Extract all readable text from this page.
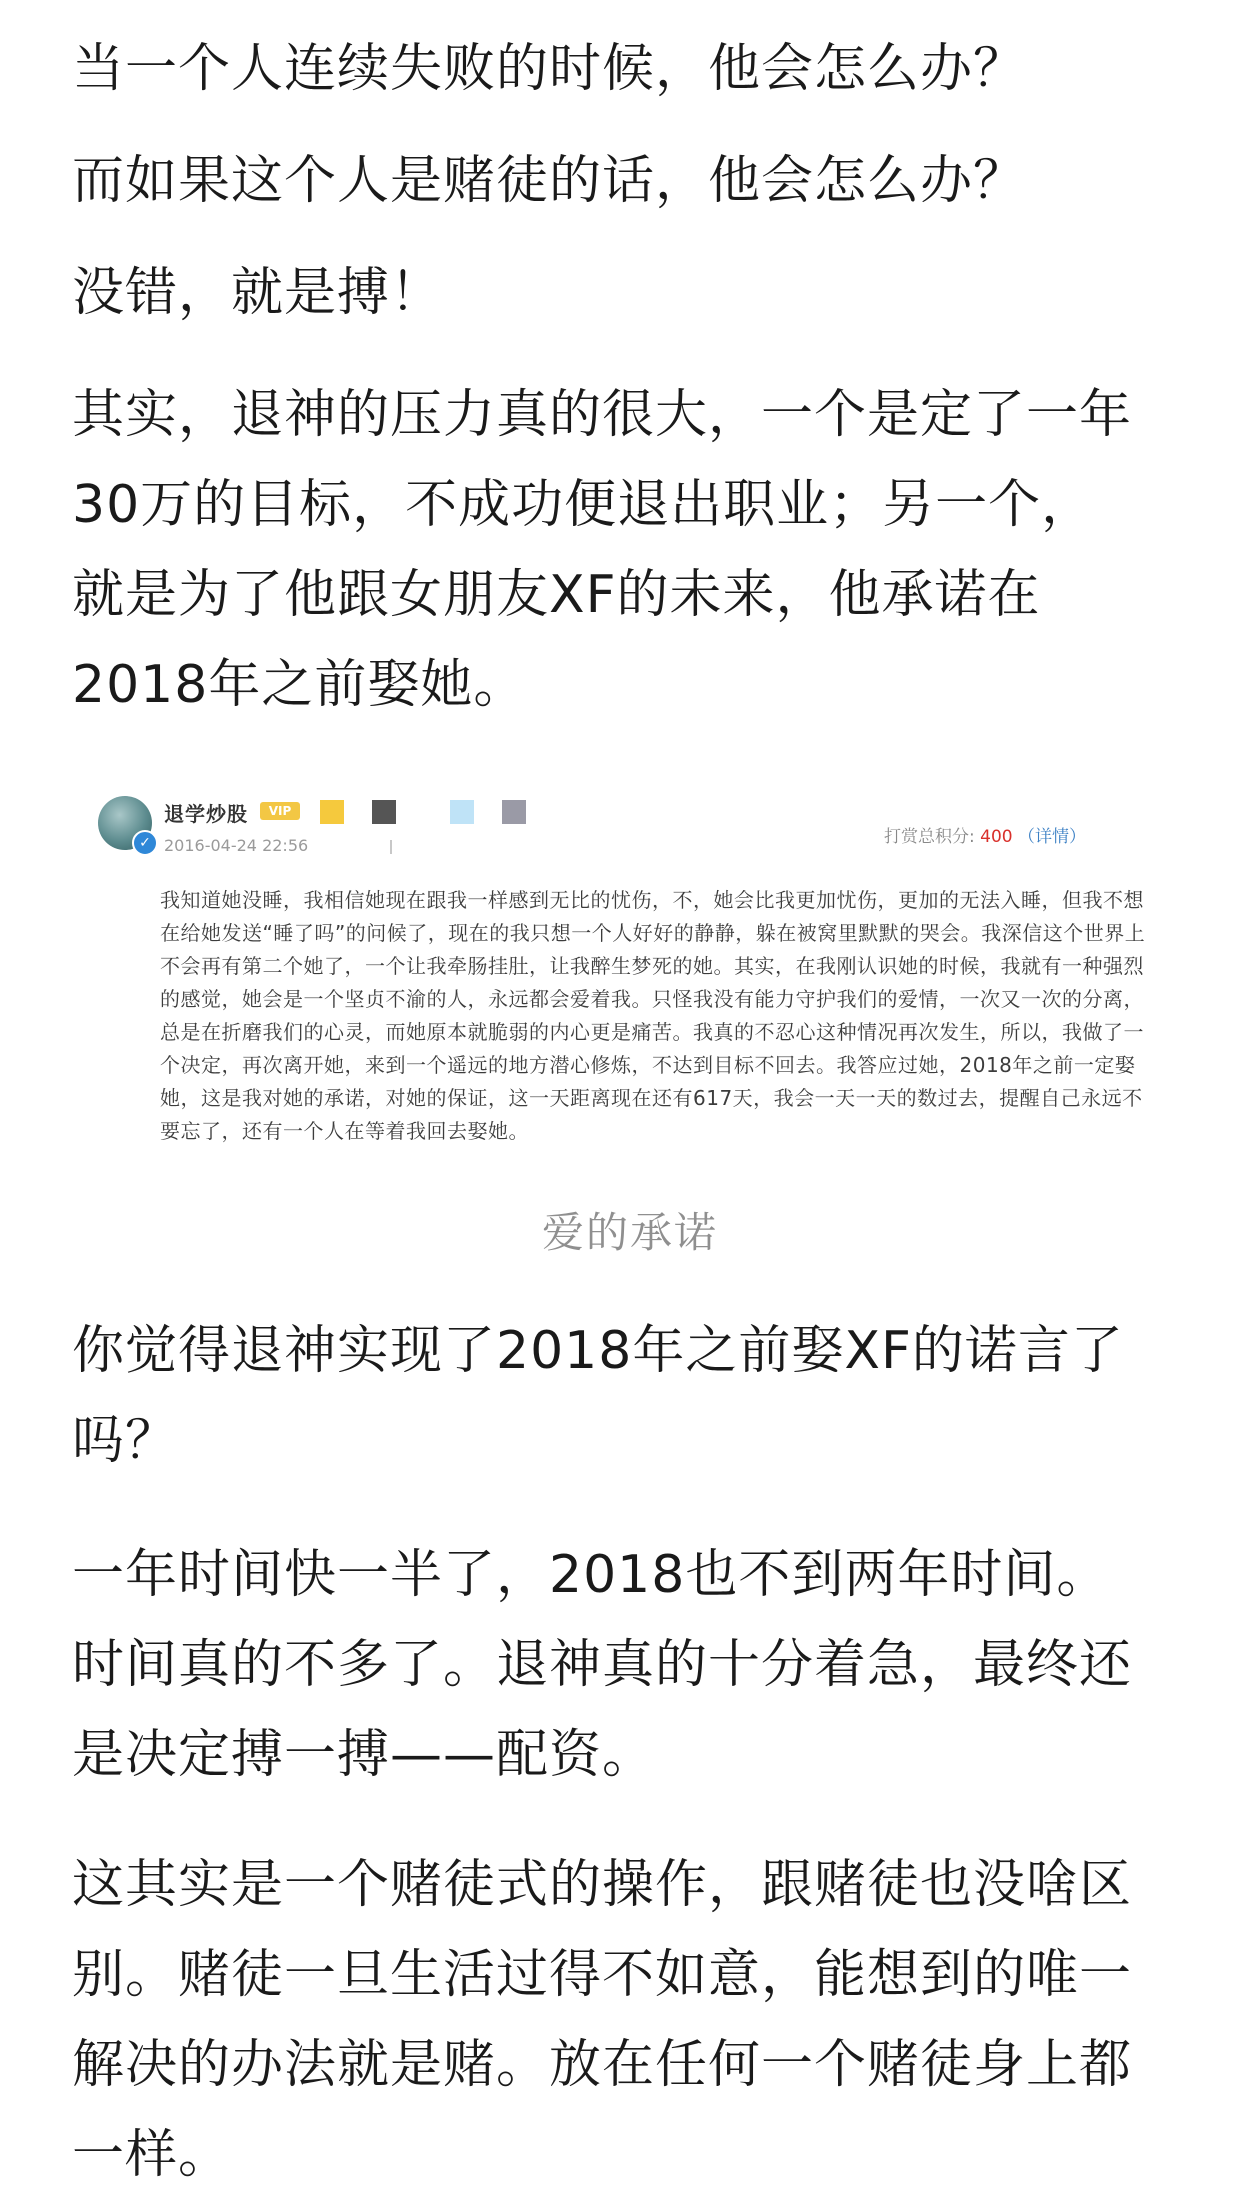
当一个人连续失败的时候，他会怎么办？

而如果这个人是赌徒的话，他会怎么办？

没错，就是搏！

其实，退神的压力真的很大，一个是定了一年

30万的目标，不成功便退出职业；另一个，

就是为了他跟女朋友XF的未来，他承诺在

2018年之前娶她。

✓
退学炒股	VIP
2016-04-24 22:56	打赏总积分: 400 （详情）

我知道她没睡，我相信她现在跟我一样感到无比的忧伤，不，她会比我更加忧伤，更加的无法入睡，但我不想在给她发送“睡了吗”的问候了，现在的我只想一个人好好的静静，躲在被窝里默默的哭会。我深信这个世界上不会再有第二个她了，一个让我牵肠挂肚，让我醉生梦死的她。其实，在我刚认识她的时候，我就有一种强烈的感觉，她会是一个坚贞不渝的人，永远都会爱着我。只怪我没有能力守护我们的爱情，一次又一次的分离，总是在折磨我们的心灵，而她原本就脆弱的内心更是痛苦。我真的不忍心这种情况再次发生，所以，我做了一个决定，再次离开她，来到一个遥远的地方潜心修炼，不达到目标不回去。我答应过她，2018年之前一定娶她，这是我对她的承诺，对她的保证，这一天距离现在还有617天，我会一天一天的数过去，提醒自己永远不要忘了，还有一个人在等着我回去娶她。

爱的承诺

你觉得退神实现了2018年之前娶XF的诺言了

吗？

一年时间快一半了，2018也不到两年时间。

时间真的不多了。退神真的十分着急，最终还

是决定搏一搏——配资。

这其实是一个赌徒式的操作，跟赌徒也没啥区

别。赌徒一旦生活过得不如意，能想到的唯一

解决的办法就是赌。放在任何一个赌徒身上都

一样。
